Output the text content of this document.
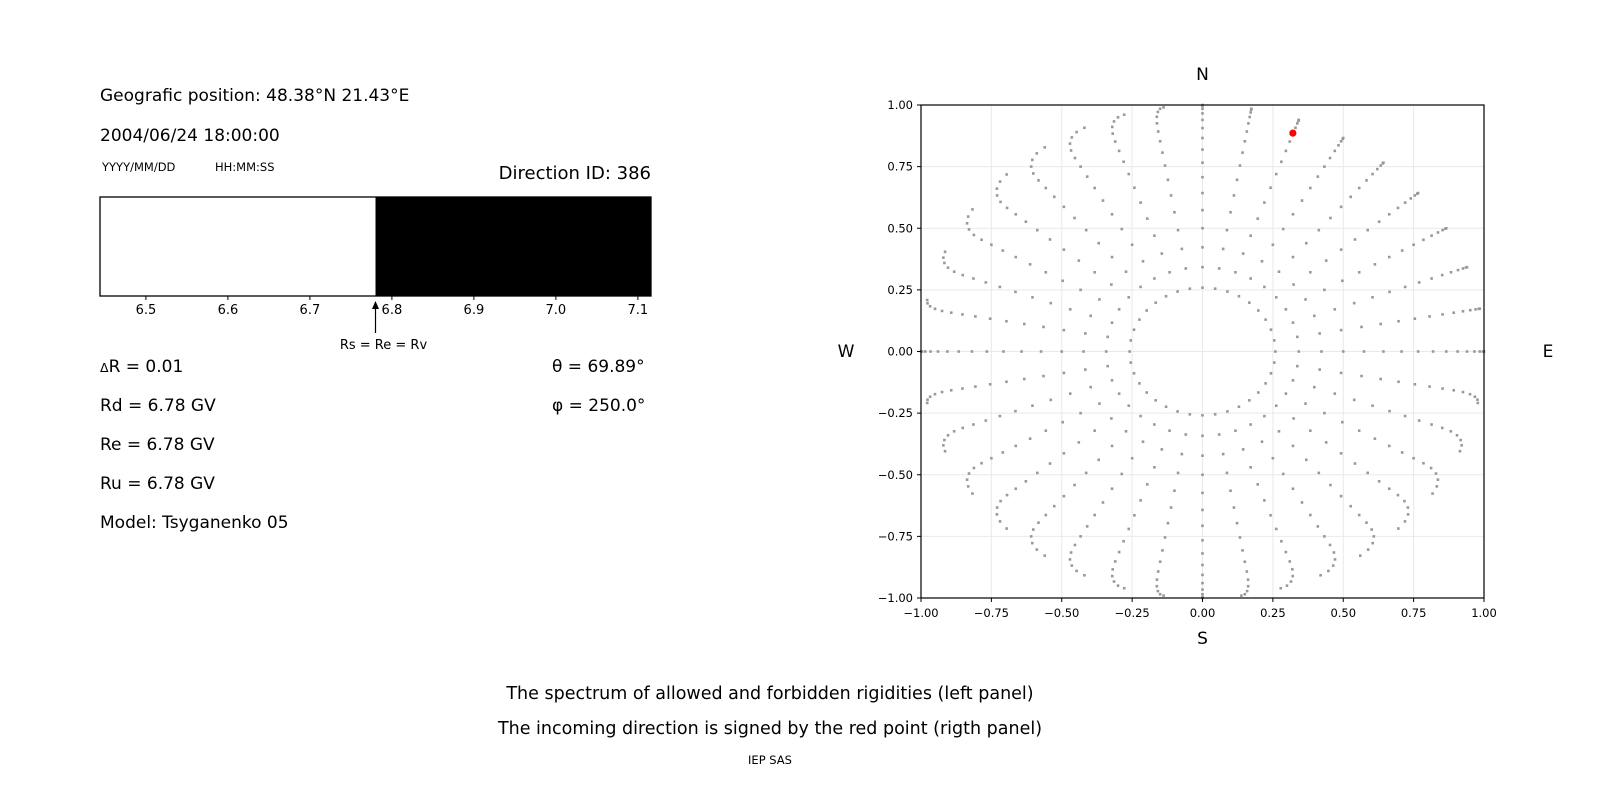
Geografic position: 48.38°N 21.43°E
2004/06/24 18:00:00
YYYY/MM/DD	HH:MM:SS	Direction ID: 386
6.5	6.6	6.7	6.8	6.9	7.0	7.1
Rs = Re = Rv
ΔR = 0.01
Rd = 6.78 GV
Re = 6.78 GV
Ru = 6.78 GV
Model: Tsyganenko 05
θ = 69.89°
φ = 250.0°
−1.00	−0.75	−0.50	−0.25	0.00	0.25	0.50	0.75	1.00
−1.00
−0.75
−0.50
−0.25
0.00
0.25
0.50
0.75
1.00
N
S
W	E
The spectrum of allowed and forbidden rigidities (left panel)
The incoming direction is signed by the red point (rigth panel)
IEP SAS
